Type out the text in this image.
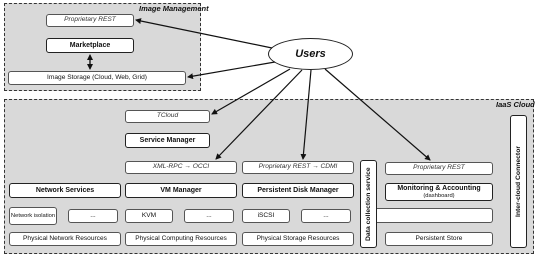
Image Management
Proprietary REST
Marketplace
Image Storage (Cloud, Web, Grid)
IaaS Cloud
TCloud
Service Manager
Network Services
Network isolation	...
Physical Network Resources
XML-RPC → OCCI
VM Manager
KVM	...
Physical Computing Resources
Proprietary REST → CDMI
Persistent Disk Manager
iSCSI	...
Physical Storage Resources	Data collection service	Proprietary REST
Monitoring & Accounting
(dashboard)
Persistent Store
Inter-cloud Connector
Users
